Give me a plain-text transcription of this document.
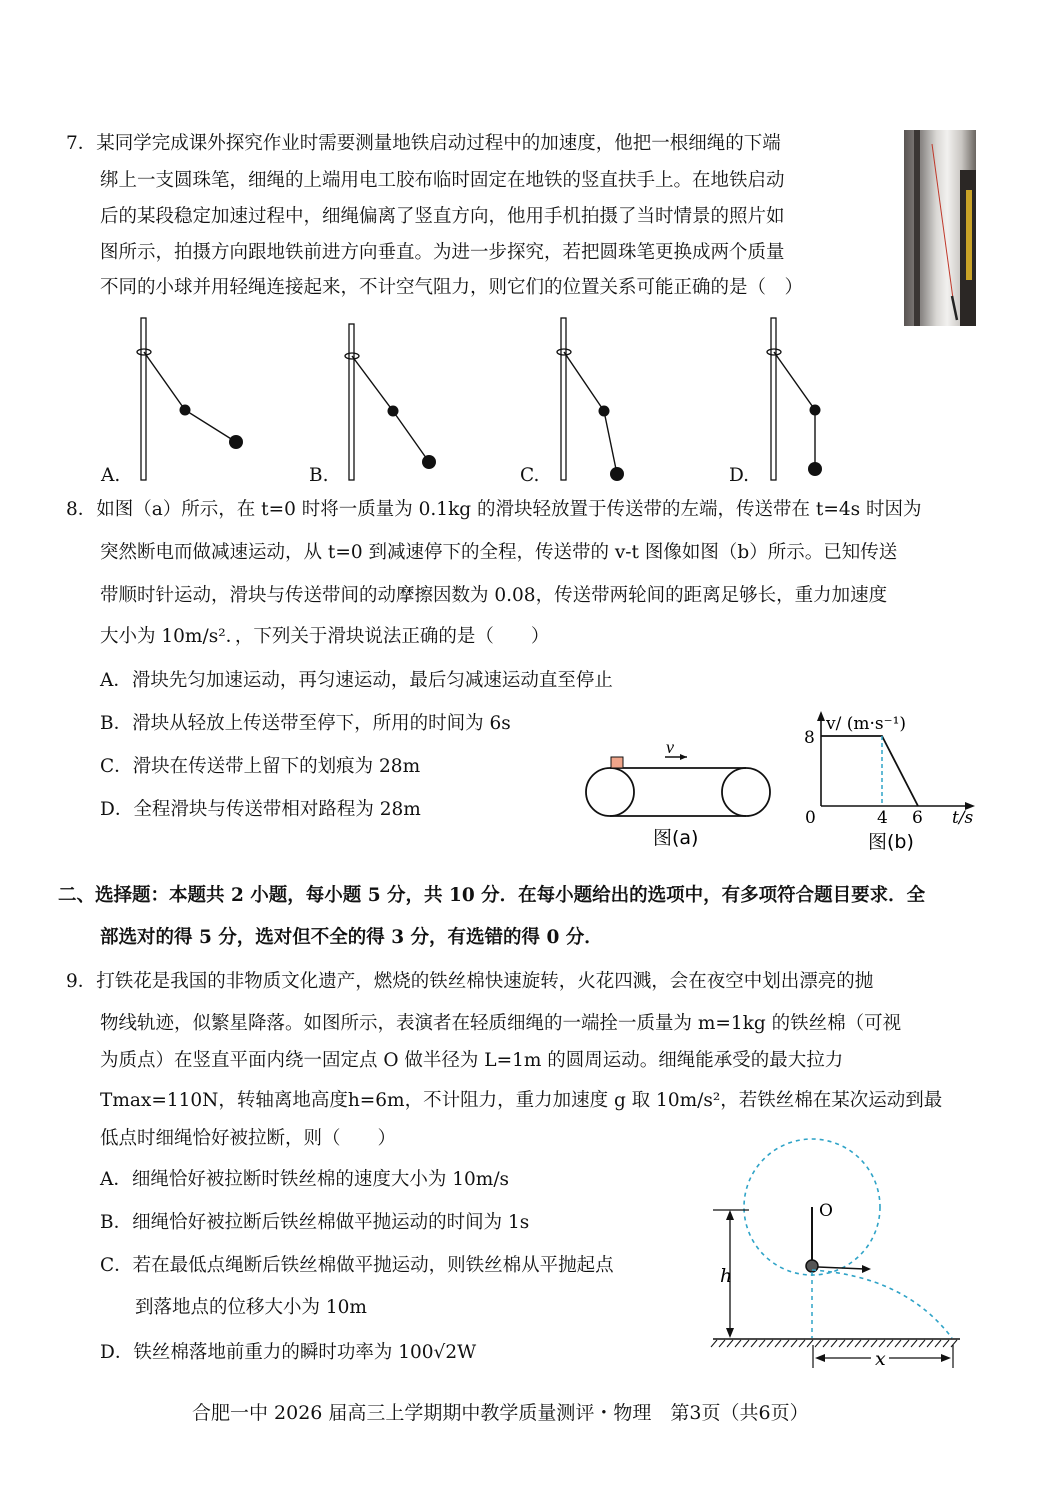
7．某同学完成课外探究作业时需要测量地铁启动过程中的加速度，他把一根细绳的下端
绑上一支圆珠笔，细绳的上端用电工胶布临时固定在地铁的竖直扶手上。在地铁启动
后的某段稳定加速过程中，细绳偏离了竖直方向，他用手机拍摄了当时情景的照片如
图所示，拍摄方向跟地铁前进方向垂直。为进一步探究，若把圆珠笔更换成两个质量
不同的小球并用轻绳连接起来，不计空气阻力，则它们的位置关系可能正确的是（　）
A.	B.	C.	D.
8．如图（a）所示，在 t=0 时将一质量为 0.1kg 的滑块轻放置于传送带的左端，传送带在 t=4s 时因为
突然断电而做减速运动，从 t=0 到减速停下的全程，传送带的 v-t 图像如图（b）所示。已知传送
带顺时针运动，滑块与传送带间的动摩擦因数为 0.08，传送带两轮间的距离足够长，重力加速度
大小为 10m/s²．，下列关于滑块说法正确的是（　　）
A．滑块先匀加速运动，再匀速运动，最后匀减速运动直至停止
B．滑块从轻放上传送带至停下，所用的时间为 6s
C．滑块在传送带上留下的划痕为 28m
D．全程滑块与传送带相对路程为 28m
v
图(a)
v/ (m·s⁻¹)
8
0	4 6 t/s
图(b)
二、选择题：本题共 2 小题，每小题 5 分，共 10 分．在每小题给出的选项中，有多项符合题目要求．全
部选对的得 5 分，选对但不全的得 3 分，有选错的得 0 分．
9．打铁花是我国的非物质文化遗产，燃烧的铁丝棉快速旋转，火花四溅，会在夜空中划出漂亮的抛
物线轨迹，似繁星降落。如图所示，表演者在轻质细绳的一端拴一质量为 m=1kg 的铁丝棉（可视
为质点）在竖直平面内绕一固定点 O 做半径为 L=1m 的圆周运动。细绳能承受的最大拉力
Tmax=110N，转轴离地高度h=6m，不计阻力，重力加速度 g 取 10m/s²，若铁丝棉在某次运动到最
低点时细绳恰好被拉断，则（　　）
A．细绳恰好被拉断时铁丝棉的速度大小为 10m/s
B．细绳恰好被拉断后铁丝棉做平抛运动的时间为 1s
C．若在最低点绳断后铁丝棉做平抛运动，则铁丝棉从平抛起点
到落地点的位移大小为 10m
D．铁丝棉落地前重力的瞬时功率为 100√2W
O
h
x
合肥一中 2026 届高三上学期期中教学质量测评・物理　第3页（共6页）
